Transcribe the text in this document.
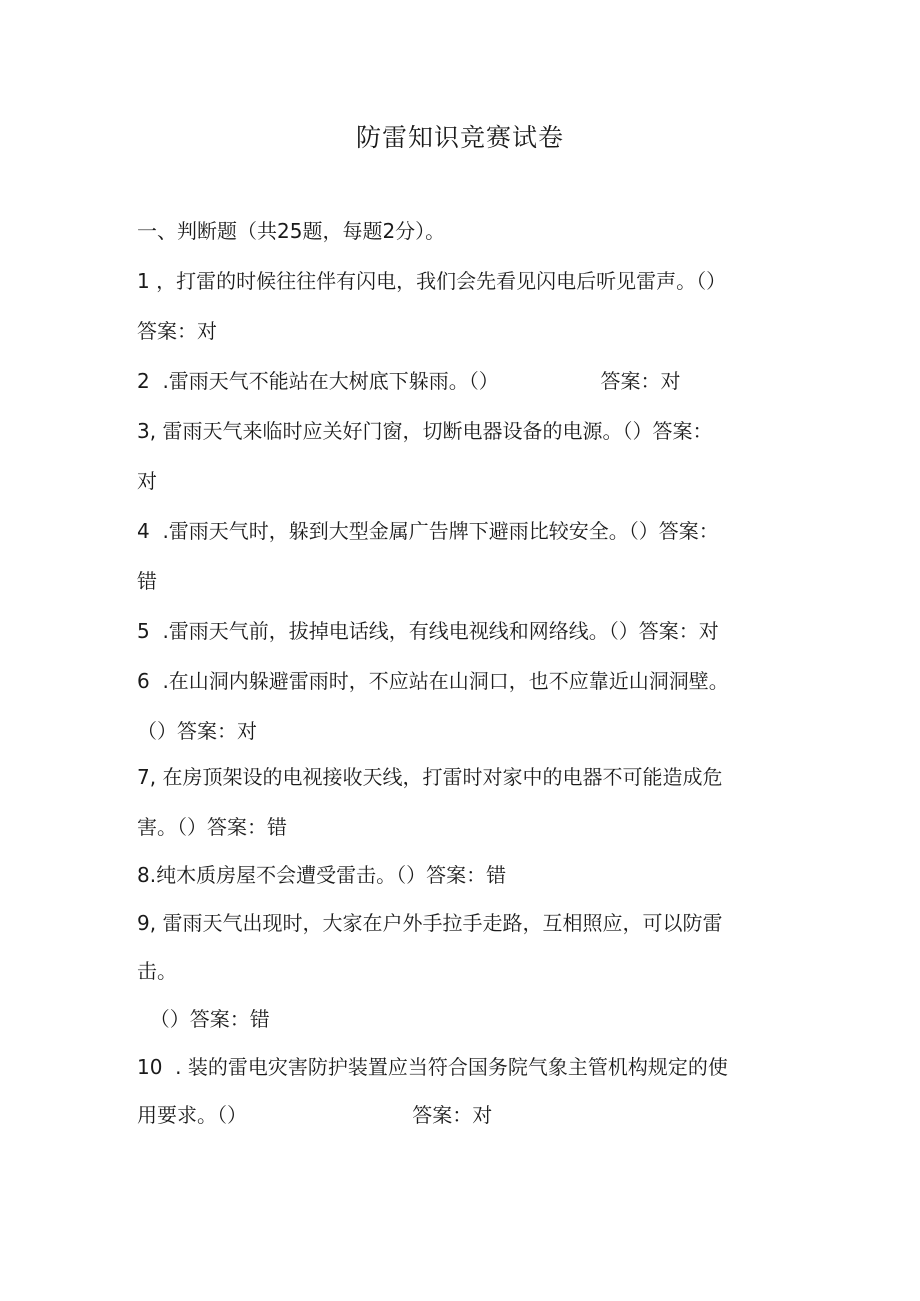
防雷知识竞赛试卷
一、判断题（共25题，每题2分）。
1 ，打雷的时候往往伴有闪电，我们会先看见闪电后听见雷声。（）
答案：对
2  .雷雨天气不能站在大树底下躲雨。（）                答案：对
3, 雷雨天气来临时应关好门窗，切断电器设备的电源。（）答案：
对
4  .雷雨天气时，躲到大型金属广告牌下避雨比较安全。（）答案：
错
5  .雷雨天气前，拔掉电话线，有线电视线和网络线。（）答案：对
6  .在山洞内躲避雷雨时，不应站在山洞口，也不应靠近山洞洞壁。
（）答案：对
7, 在房顶架设的电视接收天线，打雷时对家中的电器不可能造成危
害。（）答案：错
8.纯木质房屋不会遭受雷击。（）答案：错
9, 雷雨天气出现时，大家在户外手拉手走路，互相照应，可以防雷
击。
（）答案：错
10  . 装的雷电灾害防护装置应当符合国务院气象主管机构规定的使
用要求。（）                          答案：对
